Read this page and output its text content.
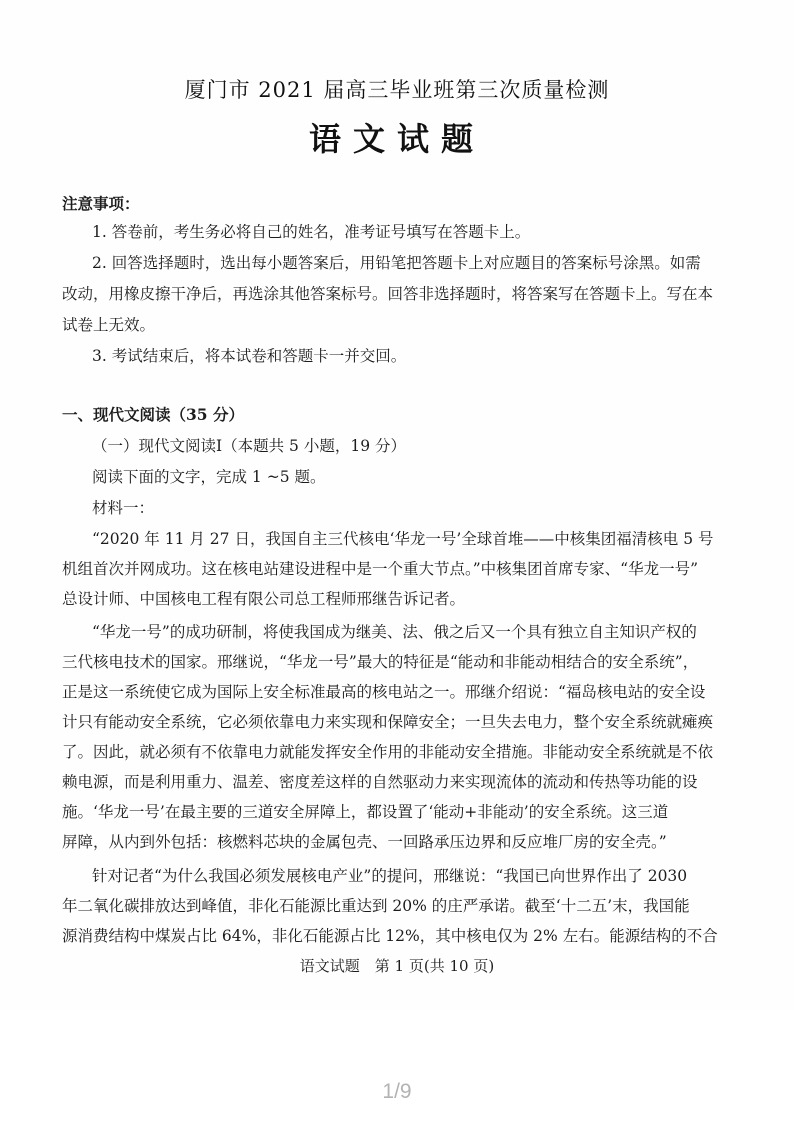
厦门市 2021 届高三毕业班第三次质量检测
语文试题
注意事项：
1. 答卷前，考生务必将自己的姓名，准考证号填写在答题卡上。
2. 回答选择题时，选出每小题答案后，用铅笔把答题卡上对应题目的答案标号涂黑。如需
改动，用橡皮擦干净后，再选涂其他答案标号。回答非选择题时，将答案写在答题卡上。写在本
试卷上无效。
3. 考试结束后，将本试卷和答题卡一并交回。
一、现代文阅读（35 分）
（一）现代文阅读Ⅰ（本题共 5 小题，19 分）
阅读下面的文字，完成 1 ~5 题。
材料一：
“2020 年 11 月 27 日，我国自主三代核电‘华龙一号’全球首堆——中核集团福清核电 5 号
机组首次并网成功。这在核电站建设进程中是一个重大节点。”中核集团首席专家、“华龙一号”
总设计师、中国核电工程有限公司总工程师邢继告诉记者。
“华龙一号”的成功研制，将使我国成为继美、法、俄之后又一个具有独立自主知识产权的
三代核电技术的国家。邢继说，“华龙一号”最大的特征是“能动和非能动相结合的安全系统”，
正是这一系统使它成为国际上安全标准最高的核电站之一。邢继介绍说：“福岛核电站的安全设
计只有能动安全系统，它必须依靠电力来实现和保障安全；一旦失去电力，整个安全系统就瘫痪
了。因此，就必须有不依靠电力就能发挥安全作用的非能动安全措施。非能动安全系统就是不依
赖电源，而是利用重力、温差、密度差这样的自然驱动力来实现流体的流动和传热等功能的设
施。‘华龙一号’在最主要的三道安全屏障上，都设置了‘能动+非能动’的安全系统。这三道
屏障，从内到外包括：核燃料芯块的金属包壳、一回路承压边界和反应堆厂房的安全壳。”
针对记者“为什么我国必须发展核电产业”的提问，邢继说：“我国已向世界作出了 2030
年二氧化碳排放达到峰值，非化石能源比重达到 20% 的庄严承诺。截至‘十二五’末，我国能
源消费结构中煤炭占比 64%，非化石能源占比 12%，其中核电仅为 2% 左右。能源结构的不合
语文试题　第 1 页(共 10 页)
1/9
